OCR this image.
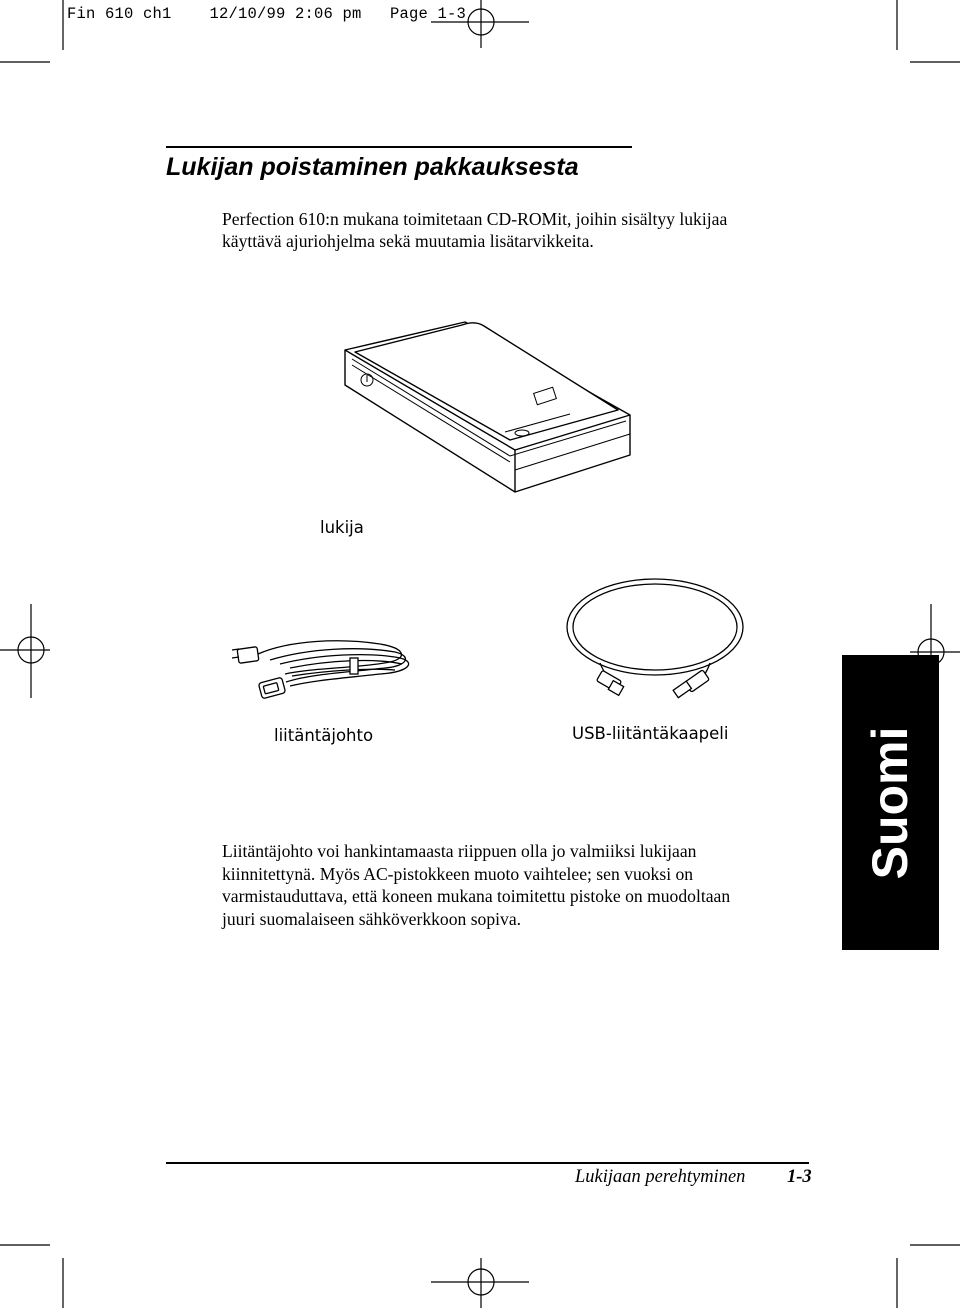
Fin 610 ch1    12/10/99 2:06 pm   Page 1-3
Lukijan poistaminen pakkauksesta
Perfection 610:n mukana toimitetaan CD-ROMit, joihin sisältyy lukijaa
käyttävä ajuriohjelma sekä muutamia lisätarvikkeita.
lukija
liitäntäjohto	USB-liitäntäkaapeli
Liitäntäjohto voi hankintamaasta riippuen olla jo valmiiksi lukijaan
kiinnitettynä. Myös AC-pistokkeen muoto vaihtelee; sen vuoksi on
varmistauduttava, että koneen mukana toimitettu pistoke on muodoltaan
juuri suomalaiseen sähköverkkoon sopiva.
Suomi
Lukijaan perehtyminen 1-3
